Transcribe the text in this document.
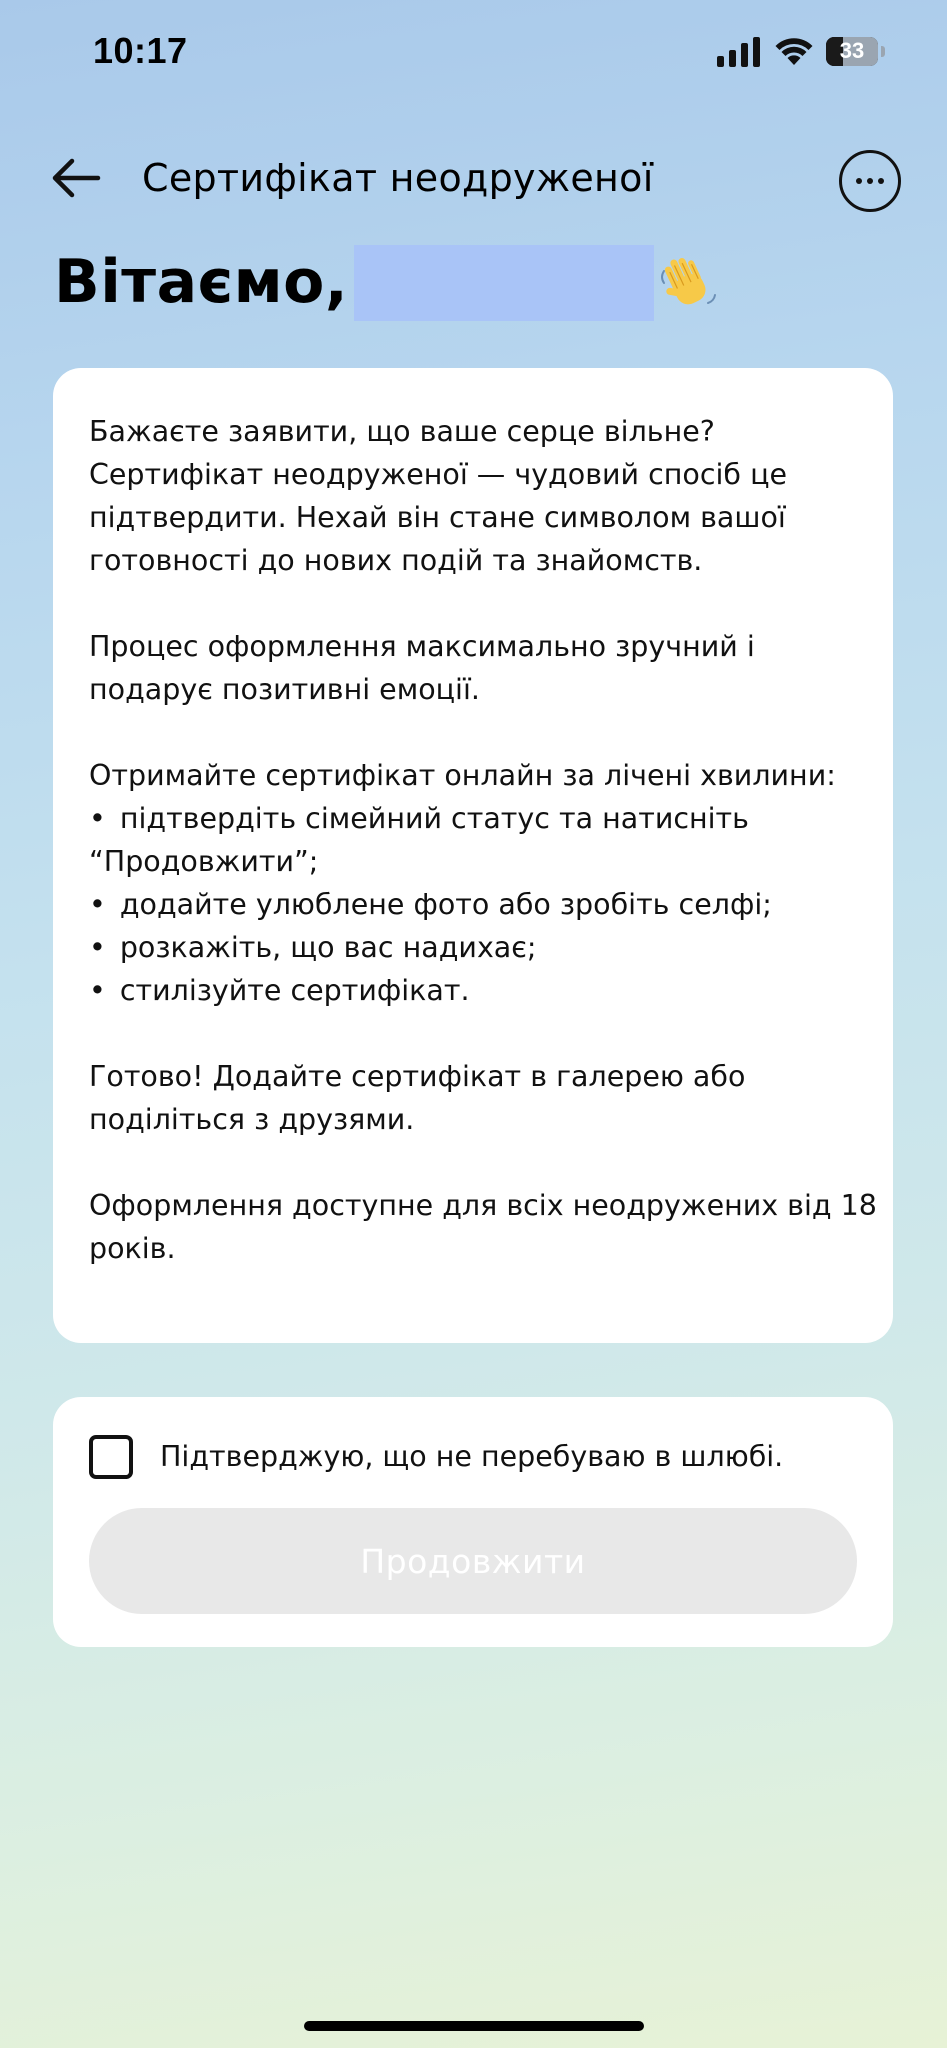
10:17	33
Сертифікат неодруженої
Вітаємо,

Бажаєте заявити, що ваше серце вільне? Сертифікат неодруженої — чудовий спосіб це підтвердити. Нехай він стане символом вашої готовності до нових подій та знайомств.

Процес оформлення максимально зручний і подарує позитивні емоції.

Отримайте сертифікат онлайн за лічені хвилини:

• підтвердіть сімейний статус та натисніть “Продовжити”;
• додайте улюблене фото або зробіть селфі;
• розкажіть, що вас надихає;
• стилізуйте сертифікат.

Готово! Додайте сертифікат в галерею або поділіться з друзями.

Оформлення доступне для всіх неодружених від 18 років.

Підтверджую, що не перебуваю в шлюбі.
Продовжити
